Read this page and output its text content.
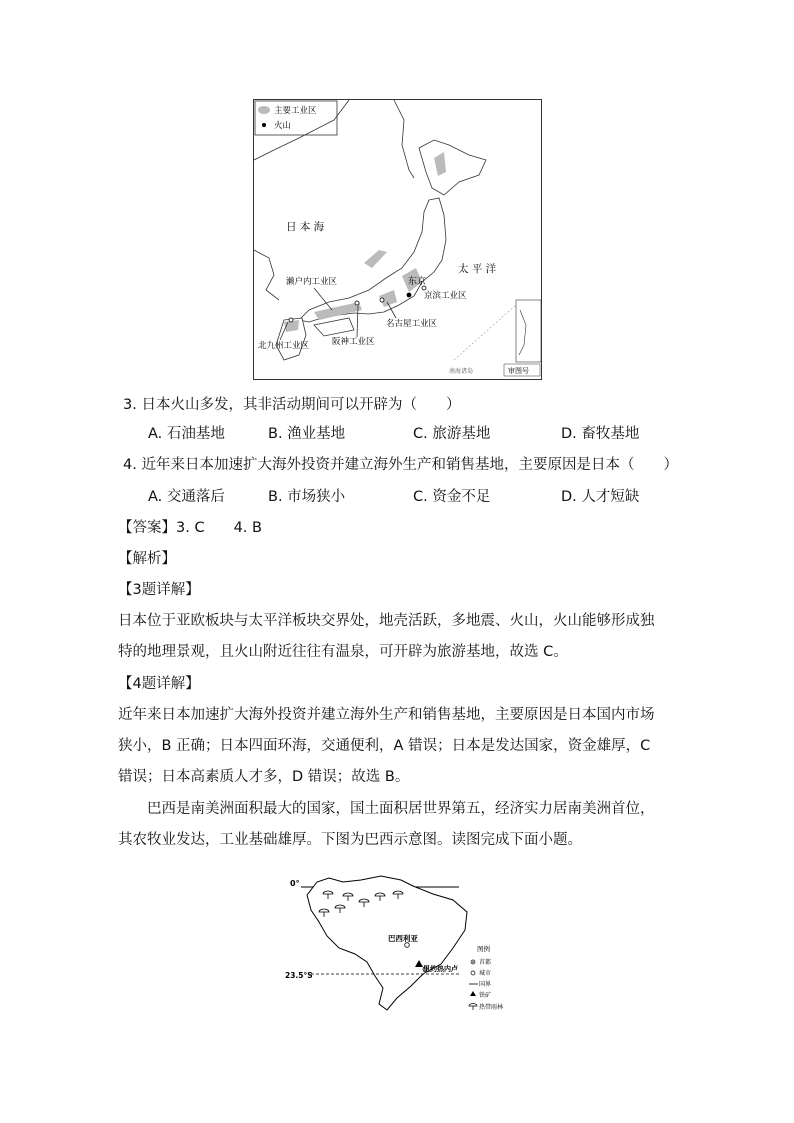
主要工业区
火山
日 本 海
太 平 洋
东京
京滨工业区
濑户内工业区
名古屋工业区
阪神工业区
北九州工业区
审图号
南海诸岛
3. 日本火山多发，其非活动期间可以开辟为（　　）
A. 石油基地	B. 渔业基地	C. 旅游基地	D. 畜牧基地
4. 近年来日本加速扩大海外投资并建立海外生产和销售基地，主要原因是日本（　　）
A. 交通落后	B. 市场狭小	C. 资金不足	D. 人才短缺
【答案】3. C　　4. B
【解析】
【3题详解】
日本位于亚欧板块与太平洋板块交界处，地壳活跃，多地震、火山，火山能够形成独特的地理景观，且火山附近往往有温泉，可开辟为旅游基地，故选 C。
【4题详解】
近年来日本加速扩大海外投资并建立海外生产和销售基地，主要原因是日本国内市场狭小，B 正确；日本四面环海，交通便利，A 错误；日本是发达国家，资金雄厚，C 错误；日本高素质人才多，D 错误；故选 B。
巴西是南美洲面积最大的国家，国土面积居世界第五，经济实力居南美洲首位，其农牧业发达，工业基础雄厚。下图为巴西示意图。读图完成下面小题。
0°
23.5°S
巴西利亚
里约热内卢
图例
首都
城市
国界
铁矿
热带雨林
